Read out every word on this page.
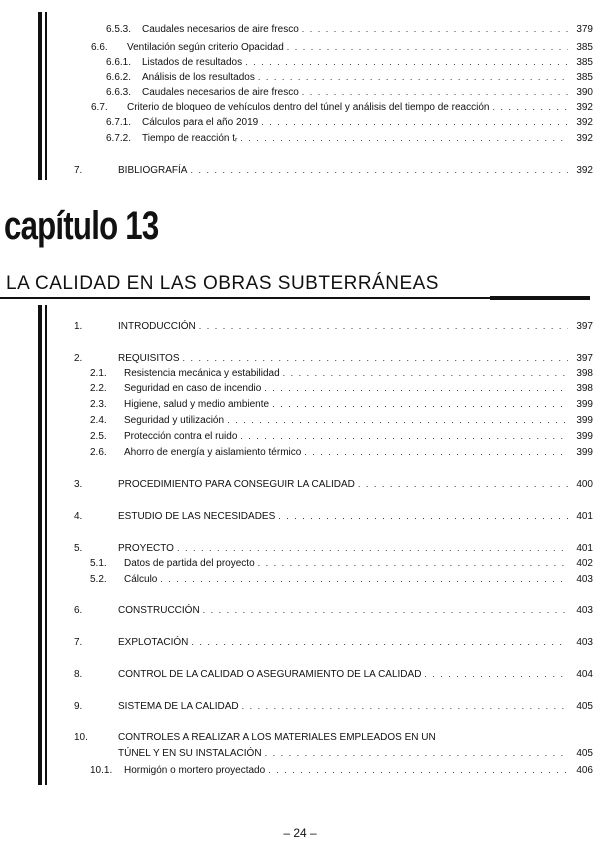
6.5.3.	Caudales necesarios de aire fresco . . .	379
6.6.	Ventilación según criterio Opacidad . . .	385
6.6.1.	Listados de resultados . . .	385
6.6.2.	Análisis de los resultados . . .	385
6.6.3.	Caudales necesarios de aire fresco . . .	390
6.7.	Criterio de bloqueo de vehículos dentro del túnel y análisis del tiempo de reacción . . .	392
6.7.1.	Cálculos para el año 2019 . . .	392
6.7.2.	Tiempo de reacción tᵣ . . .	392
7.	BIBLIOGRAFÍA . . .	392
capítulo 13
LA CALIDAD EN LAS OBRAS SUBTERRÁNEAS
1.	INTRODUCCIÓN . . .	397
2.	REQUISITOS . . .	397
2.1.	Resistencia mecánica y estabilidad . . .	398
2.2.	Seguridad en caso de incendio . . .	398
2.3.	Higiene, salud y medio ambiente . . .	399
2.4.	Seguridad y utilización . . .	399
2.5.	Protección contra el ruido . . .	399
2.6.	Ahorro de energía y aislamiento térmico . . .	399
3.	PROCEDIMIENTO PARA CONSEGUIR LA CALIDAD . . .	400
4.	ESTUDIO DE LAS NECESIDADES . . .	401
5.	PROYECTO . . .	401
5.1.	Datos de partida del proyecto . . .	402
5.2.	Cálculo . . .	403
6.	CONSTRUCCIÓN . . .	403
7.	EXPLOTACIÓN . . .	403
8.	CONTROL DE LA CALIDAD O ASEGURAMIENTO DE LA CALIDAD . . .	404
9.	SISTEMA DE LA CALIDAD . . .	405
10.	CONTROLES A REALIZAR A LOS MATERIALES EMPLEADOS EN UN
TÚNEL Y EN SU INSTALACIÓN . . .	405
10.1.	Hormigón o mortero proyectado . . .	406
– 24 –
